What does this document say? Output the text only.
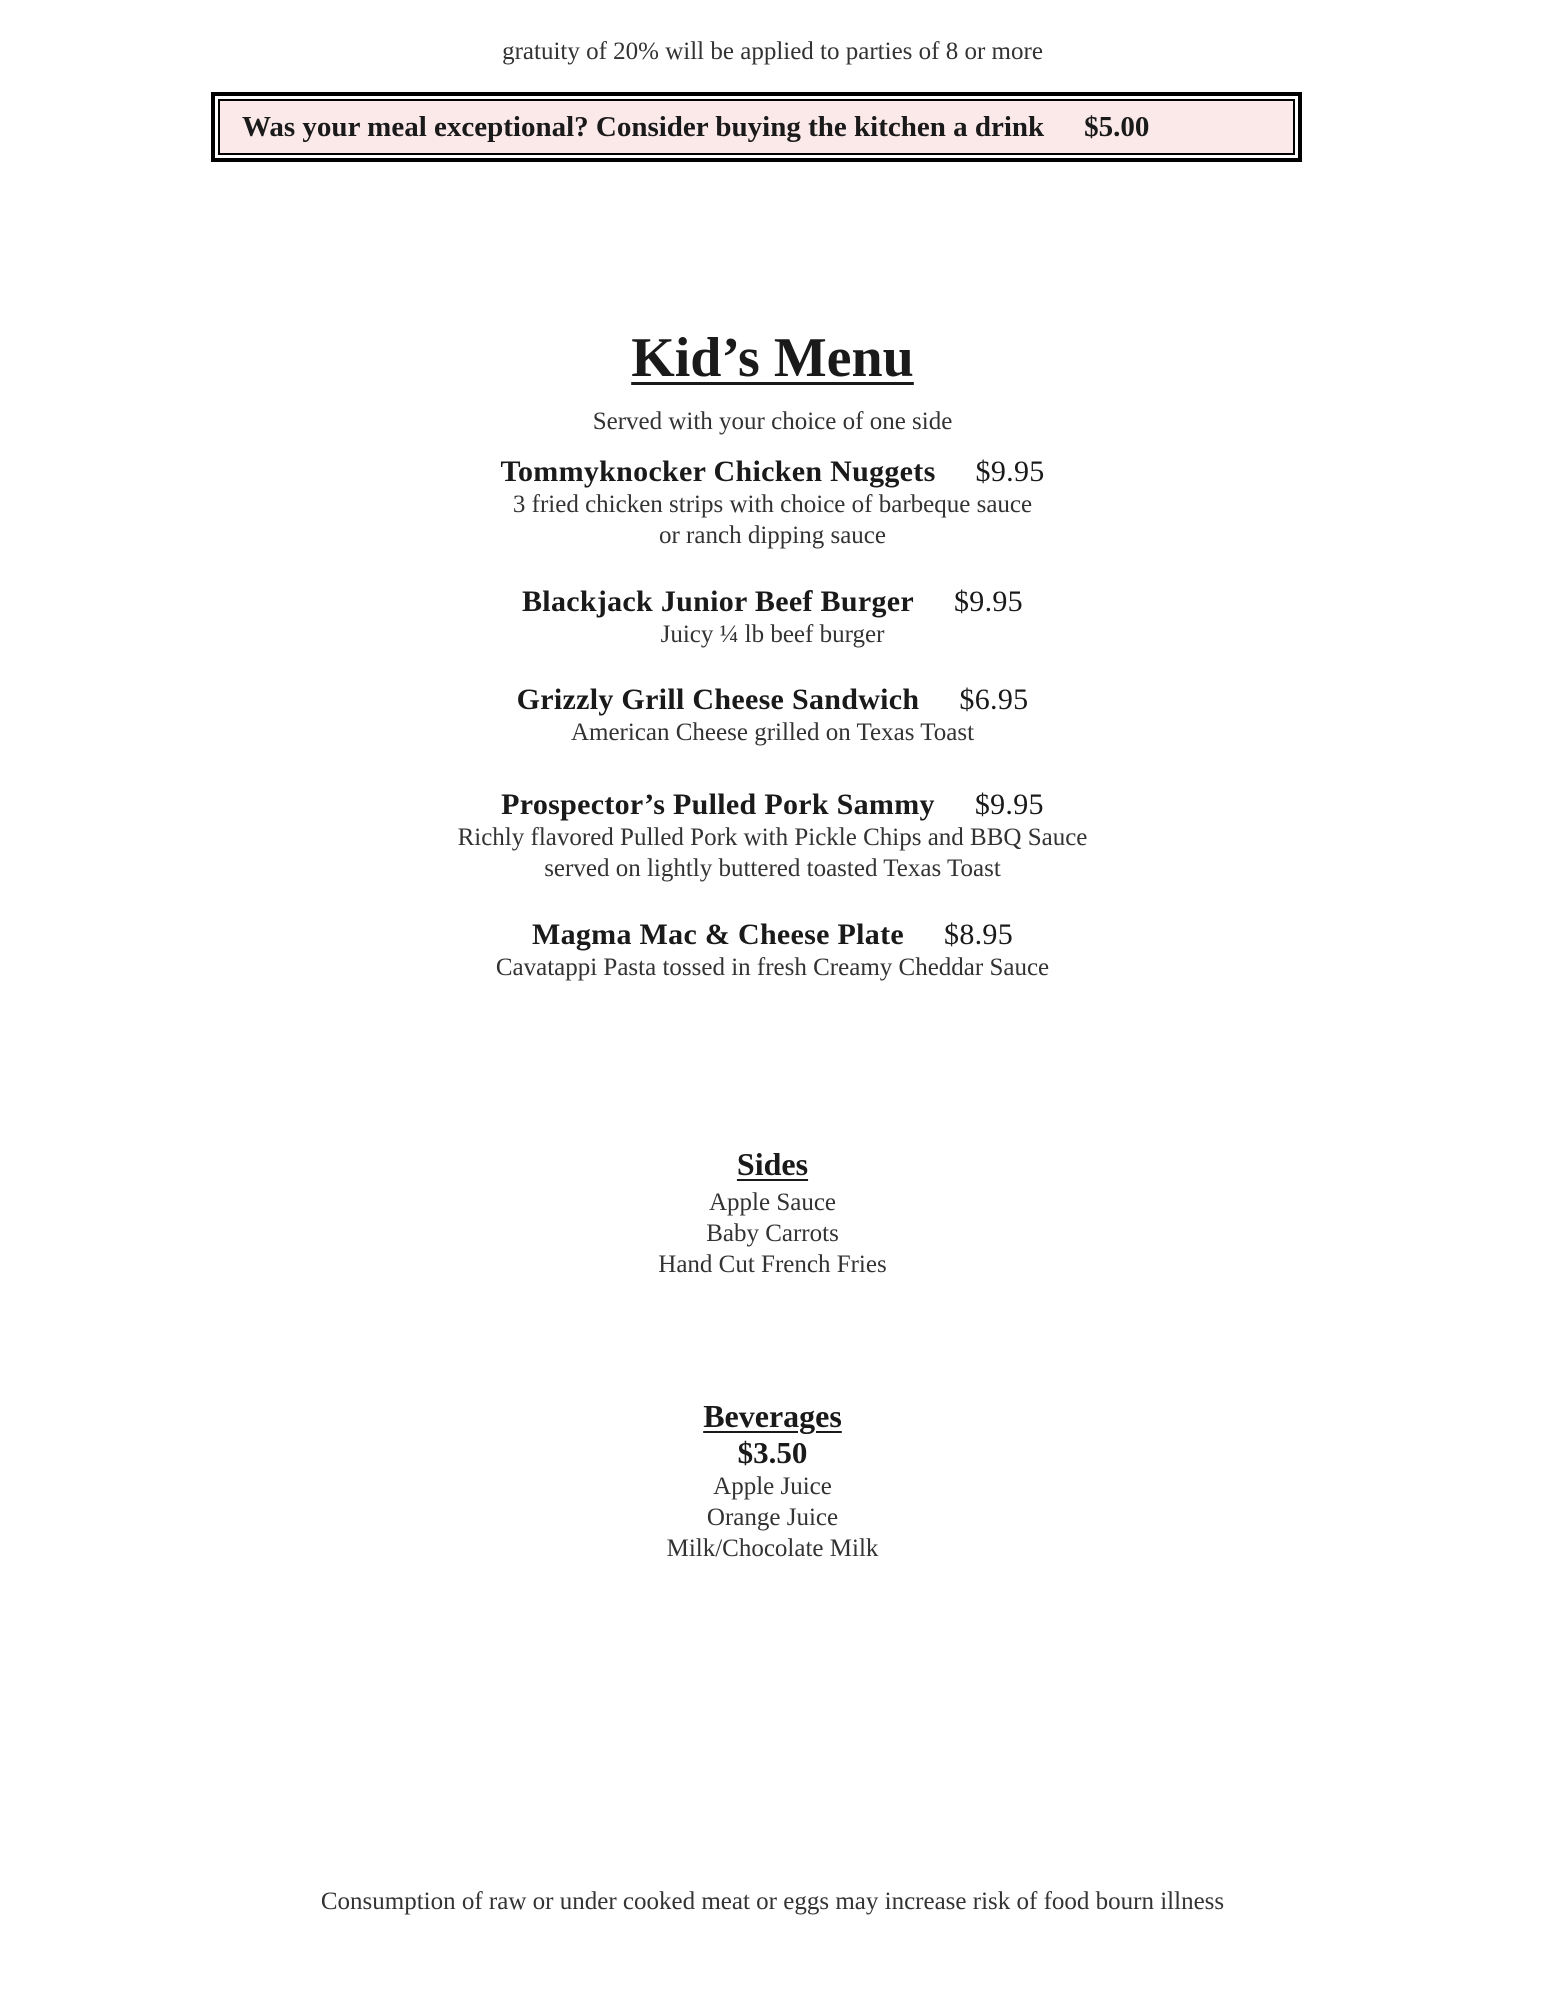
gratuity of 20% will be applied to parties of 8 or more
Was your meal exceptional? Consider buying the kitchen a drink $5.00
Kid’s Menu
Served with your choice of one side
Tommyknocker Chicken Nuggets $9.95
3 fried chicken strips with choice of barbeque sauce
or ranch dipping sauce
Blackjack Junior Beef Burger $9.95
Juicy ¼ lb beef burger
Grizzly Grill Cheese Sandwich $6.95
American Cheese grilled on Texas Toast
Prospector’s Pulled Pork Sammy $9.95
Richly flavored Pulled Pork with Pickle Chips and BBQ Sauce
served on lightly buttered toasted Texas Toast
Magma Mac & Cheese Plate $8.95
Cavatappi Pasta tossed in fresh Creamy Cheddar Sauce
Sides
Apple Sauce
Baby Carrots
Hand Cut French Fries
Beverages
$3.50
Apple Juice
Orange Juice
Milk/Chocolate Milk
Consumption of raw or under cooked meat or eggs may increase risk of food bourn illness
